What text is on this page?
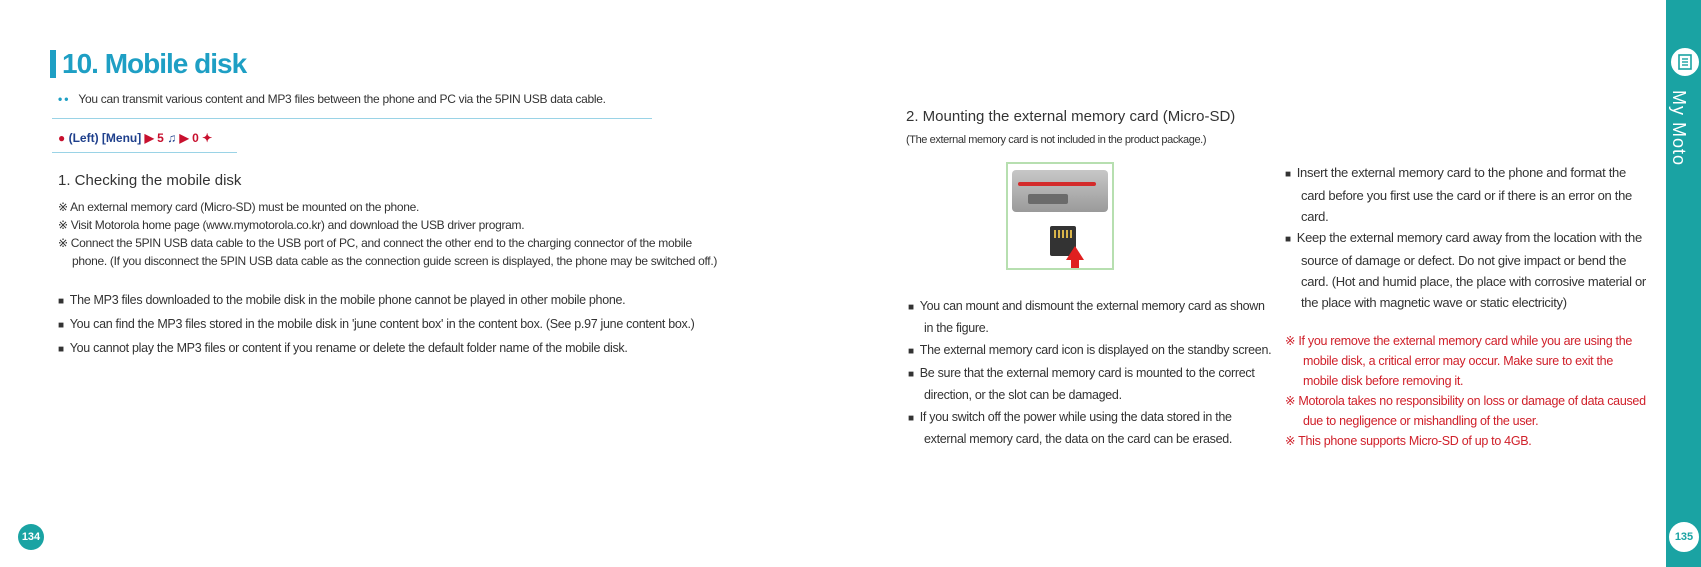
10. Mobile disk
•• You can transmit various content and MP3 files between the phone and PC via the 5PIN USB data cable.
● (Left) [Menu] ▶ 5 ♫ ▶ 0 ✦
1. Checking the mobile disk

※ An external memory card (Micro-SD) must be mounted on the phone.

※ Visit Motorola home page (www.mymotorola.co.kr) and download the USB driver program.

※ Connect the 5PIN USB data cable to the USB port of PC, and connect the other end to the charging connector of the mobile

phone. (If you disconnect the 5PIN USB data cable as the connection guide screen is displayed, the phone may be switched off.)

■ The MP3 files downloaded to the mobile disk in the mobile phone cannot be played in other mobile phone.

■ You can find the MP3 files stored in the mobile disk in 'june content box' in the content box. (See p.97 june content box.)

■ You cannot play the MP3 files or content if you rename or delete the default folder name of the mobile disk.

134
2. Mounting the external memory card (Micro-SD)
(The external memory card is not included in the product package.)

■ You can mount and dismount the external memory card as shown in the figure.

■ The external memory card icon is displayed on the standby screen.

■ Be sure that the external memory card is mounted to the correct direction, or the slot can be damaged.

■ If you switch off the power while using the data stored in the external memory card, the data on the card can be erased.

■ Insert the external memory card to the phone and format the card before you first use the card or if there is an error on the card.

■ Keep the external memory card away from the location with the source of damage or defect. Do not give impact or bend the card. (Hot and humid place, the place with corrosive material or the place with magnetic wave or static electricity)

※ If you remove the external memory card while you are using the mobile disk, a critical error may occur. Make sure to exit the mobile disk before removing it.

※ Motorola takes no responsibility on loss or damage of data caused due to negligence or mishandling of the user.

※ This phone supports Micro-SD of up to 4GB.

My Moto
135
